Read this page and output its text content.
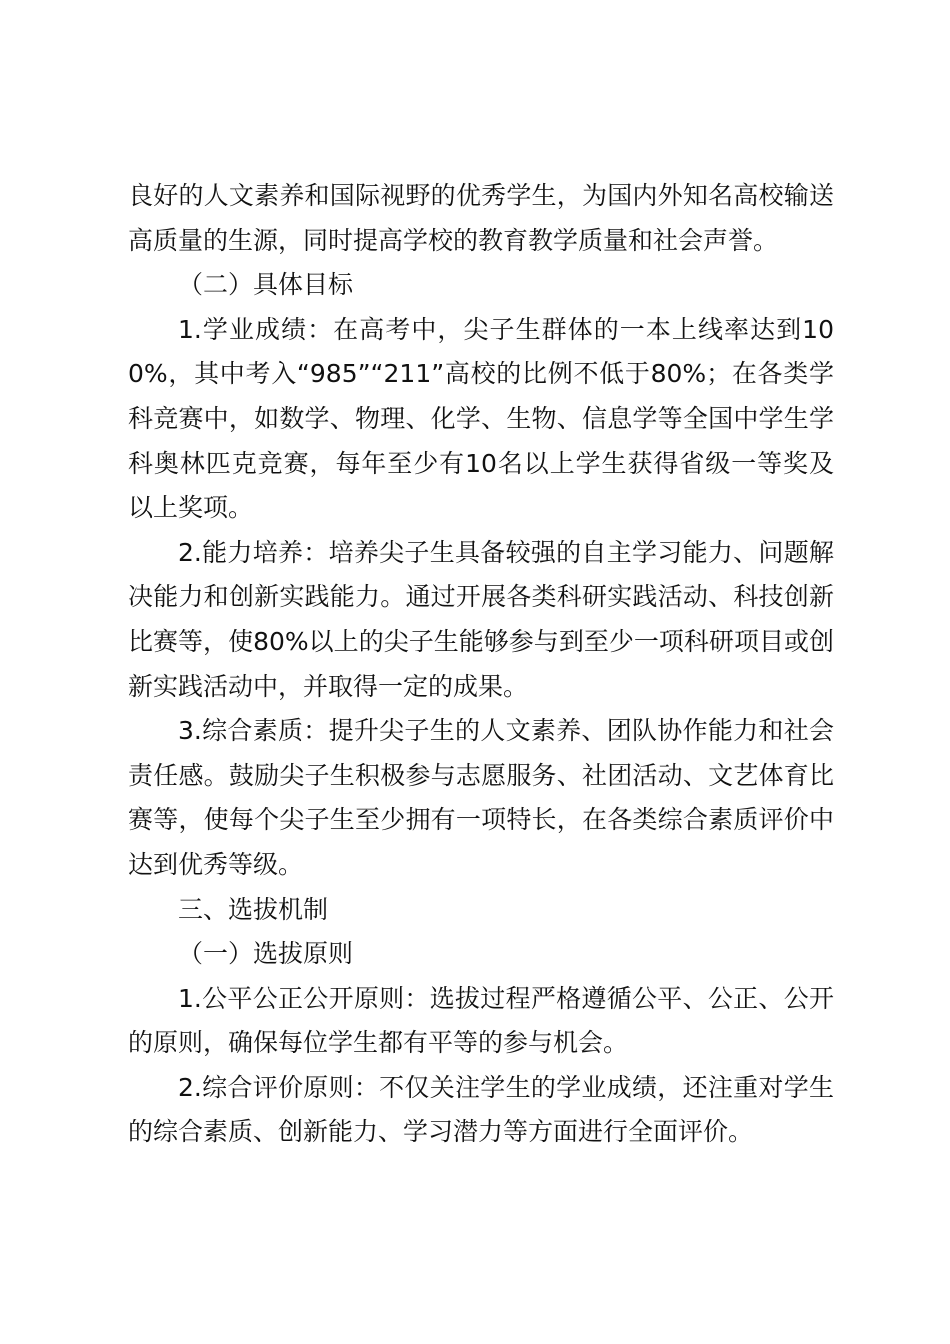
良好的人文素养和国际视野的优秀学生，为国内外知名高校输送高质量的生源，同时提高学校的教育教学质量和社会声誉。

（二）具体目标

1.学业成绩：在高考中，尖子生群体的一本上线率达到100%，其中考入“985”“211”高校的比例不低于80%；在各类学科竞赛中，如数学、物理、化学、生物、信息学等全国中学生学科奥林匹克竞赛，每年至少有10名以上学生获得省级一等奖及以上奖项。

2.能力培养：培养尖子生具备较强的自主学习能力、问题解决能力和创新实践能力。通过开展各类科研实践活动、科技创新比赛等，使80%以上的尖子生能够参与到至少一项科研项目或创新实践活动中，并取得一定的成果。

3.综合素质：提升尖子生的人文素养、团队协作能力和社会责任感。鼓励尖子生积极参与志愿服务、社团活动、文艺体育比赛等，使每个尖子生至少拥有一项特长，在各类综合素质评价中达到优秀等级。

三、选拔机制

（一）选拔原则

1.公平公正公开原则：选拔过程严格遵循公平、公正、公开的原则，确保每位学生都有平等的参与机会。

2.综合评价原则：不仅关注学生的学业成绩，还注重对学生的综合素质、创新能力、学习潜力等方面进行全面评价。
